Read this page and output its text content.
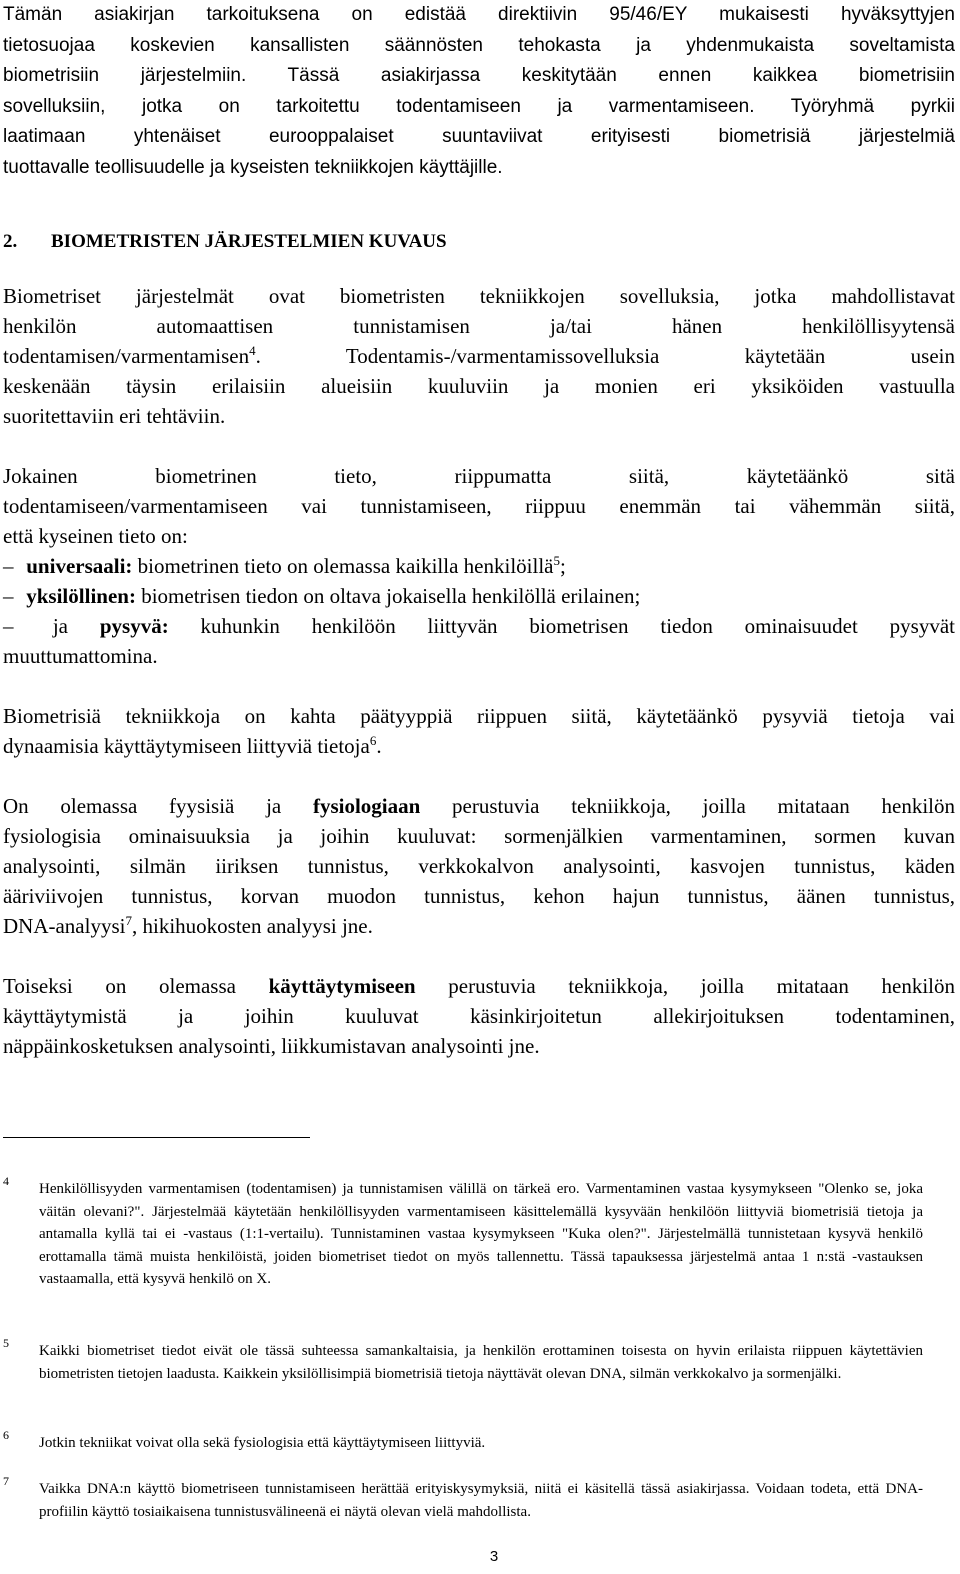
Tämän asiakirjan tarkoituksena on edistää direktiivin 95/46/EY mukaisesti hyväksyttyjen
tietosuojaa koskevien kansallisten säännösten tehokasta ja yhdenmukaista soveltamista
biometrisiin järjestelmiin. Tässä asiakirjassa keskitytään ennen kaikkea biometrisiin
sovelluksiin, jotka on tarkoitettu todentamiseen ja varmentamiseen. Työryhmä pyrkii
laatimaan yhtenäiset eurooppalaiset suuntaviivat erityisesti biometrisiä järjestelmiä
tuottavalle teollisuudelle ja kyseisten tekniikkojen käyttäjille.
2. BIOMETRISTEN JÄRJESTELMIEN KUVAUS
Biometriset järjestelmät ovat biometristen tekniikkojen sovelluksia, jotka mahdollistavat
henkilön automaattisen tunnistamisen ja/tai hänen henkilöllisyytensä
todentamisen/varmentamisen$^4$. Todentamis-/varmentamissovelluksia käytetään usein
keskenään täysin erilaisiin alueisiin kuuluviin ja monien eri yksiköiden vastuulla
suoritettaviin eri tehtäviin.
Jokainen biometrinen tieto, riippumatta siitä, käytetäänkö sitä
todentamiseen/varmentamiseen vai tunnistamiseen, riippuu enemmän tai vähemmän siitä,
että kyseinen tieto on:
– universaali: biometrinen tieto on olemassa kaikilla henkilöillä$^5$;
– yksilöllinen: biometrisen tiedon on oltava jokaisella henkilöllä erilainen;
– ja pysyvä: kuhunkin henkilöön liittyvän biometrisen tiedon ominaisuudet pysyvät
muuttumattomina.
Biometrisiä tekniikkoja on kahta päätyyppiä riippuen siitä, käytetäänkö pysyviä tietoja vai
dynaamisia käyttäytymiseen liittyviä tietoja$^6$.
On olemassa fyysisiä ja fysiologiaan perustuvia tekniikkoja, joilla mitataan henkilön
fysiologisia ominaisuuksia ja joihin kuuluvat: sormenjälkien varmentaminen, sormen kuvan
analysointi, silmän iiriksen tunnistus, verkkokalvon analysointi, kasvojen tunnistus, käden
ääriviivojen tunnistus, korvan muodon tunnistus, kehon hajun tunnistus, äänen tunnistus,
DNA-analyysi$^7$, hikihuokosten analyysi jne.
Toiseksi on olemassa käyttäytymiseen perustuvia tekniikkoja, joilla mitataan henkilön
käyttäytymistä ja joihin kuuluvat käsinkirjoitetun allekirjoituksen todentaminen,
näppäinkosketuksen analysointi, liikkumistavan analysointi jne.
4 Henkilöllisyyden varmentamisen (todentamisen) ja tunnistamisen välillä on tärkeä ero. Varmentaminen vastaa kysymykseen "Olenko se, joka väitän olevani?". Järjestelmää käytetään henkilöllisyyden varmentamiseen käsittelemällä kysyvään henkilöön liittyviä biometrisiä tietoja ja antamalla kyllä tai ei -vastaus (1:1-vertailu). Tunnistaminen vastaa kysymykseen "Kuka olen?". Järjestelmällä tunnistetaan kysyvä henkilö erottamalla tämä muista henkilöistä, joiden biometriset tiedot on myös tallennettu. Tässä tapauksessa järjestelmä antaa 1 n:stä -vastauksen vastaamalla, että kysyvä henkilö on X.
5 Kaikki biometriset tiedot eivät ole tässä suhteessa samankaltaisia, ja henkilön erottaminen toisesta on hyvin erilaista riippuen käytettävien biometristen tietojen laadusta. Kaikkein yksilöllisimpiä biometrisiä tietoja näyttävät olevan DNA, silmän verkkokalvo ja sormenjälki.
6 Jotkin tekniikat voivat olla sekä fysiologisia että käyttäytymiseen liittyviä.
7 Vaikka DNA:n käyttö biometriseen tunnistamiseen herättää erityiskysymyksiä, niitä ei käsitellä tässä asiakirjassa. Voidaan todeta, että DNA-profiilin käyttö tosiaikaisena tunnistusvälineenä ei näytä olevan vielä mahdollista.
3
